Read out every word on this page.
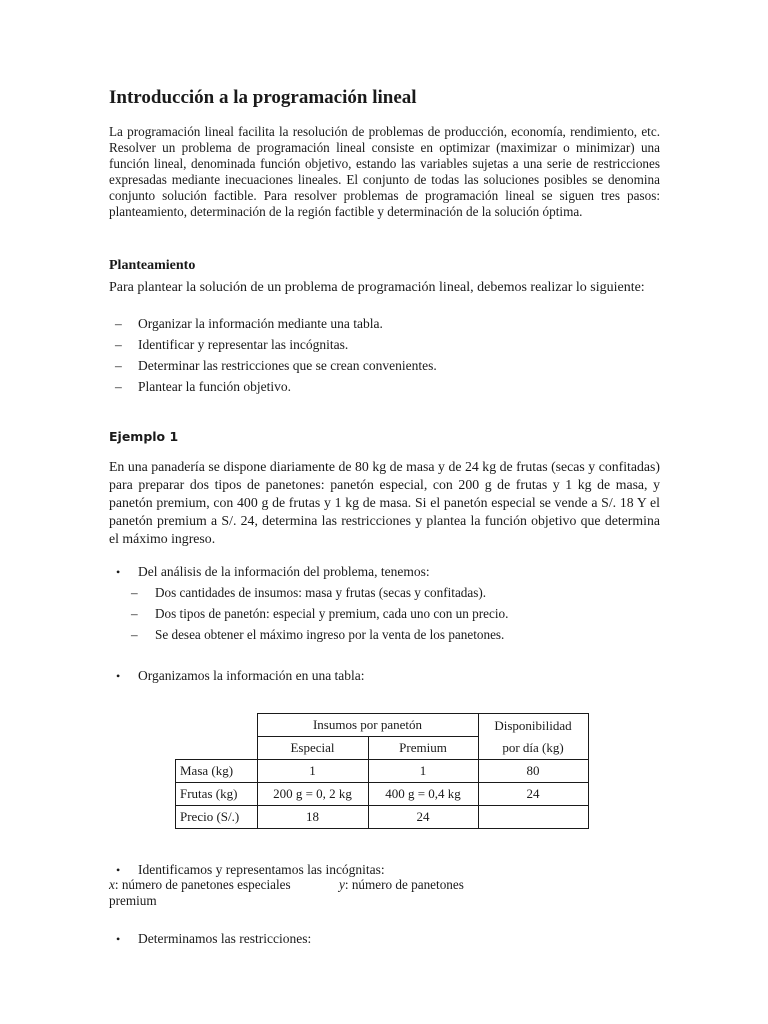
Introducción a la programación lineal

La programación lineal facilita la resolución de problemas de producción, economía, rendimiento, etc. Resolver un problema de programación lineal consiste en optimizar (maximizar o minimizar) una función lineal, denominada función objetivo, estando las variables sujetas a una serie de restricciones expresadas mediante inecuaciones lineales. El conjunto de todas las soluciones posibles se denomina conjunto solución factible. Para resolver problemas de programación lineal se siguen tres pasos: planteamiento, determinación de la región factible y determinación de la solución óptima.

Planteamiento

Para plantear la solución de un problema de programación lineal, debemos realizar lo siguiente:

– Organizar la información mediante una tabla.
– Identificar y representar las incógnitas.
– Determinar las restricciones que se crean convenientes.
– Plantear la función objetivo.
Ejemplo 1

En una panadería se dispone diariamente de 80 kg de masa y de 24 kg de frutas (secas y confitadas) para preparar dos tipos de panetones: panetón especial, con 200 g de frutas y 1 kg de masa, y panetón premium, con 400 g de frutas y 1 kg de masa. Si el panetón especial se vende a S/. 18 Y el panetón premium a S/. 24, determina las restricciones y plantea la función objetivo que determina el máximo ingreso.

• Del análisis de la información del problema, tenemos:
– Dos cantidades de insumos: masa y frutas (secas y confitadas).
– Dos tipos de panetón: especial y premium, cada uno con un precio.
– Se desea obtener el máximo ingreso por la venta de los panetones.
• Organizamos la información en una tabla:
	Insumos por panetón		Disponibilidad
por día (kg)

	Especial	Premium	
Masa (kg)	1	1	80
Frutas (kg)	200 g = 0, 2 kg	400 g = 0,4 kg	24
Precio (S/.)	18	24	
• Identificamos y representamos las incógnitas:
x: número de panetones especiales	y: número de panetones
premium
• Determinamos las restricciones:
